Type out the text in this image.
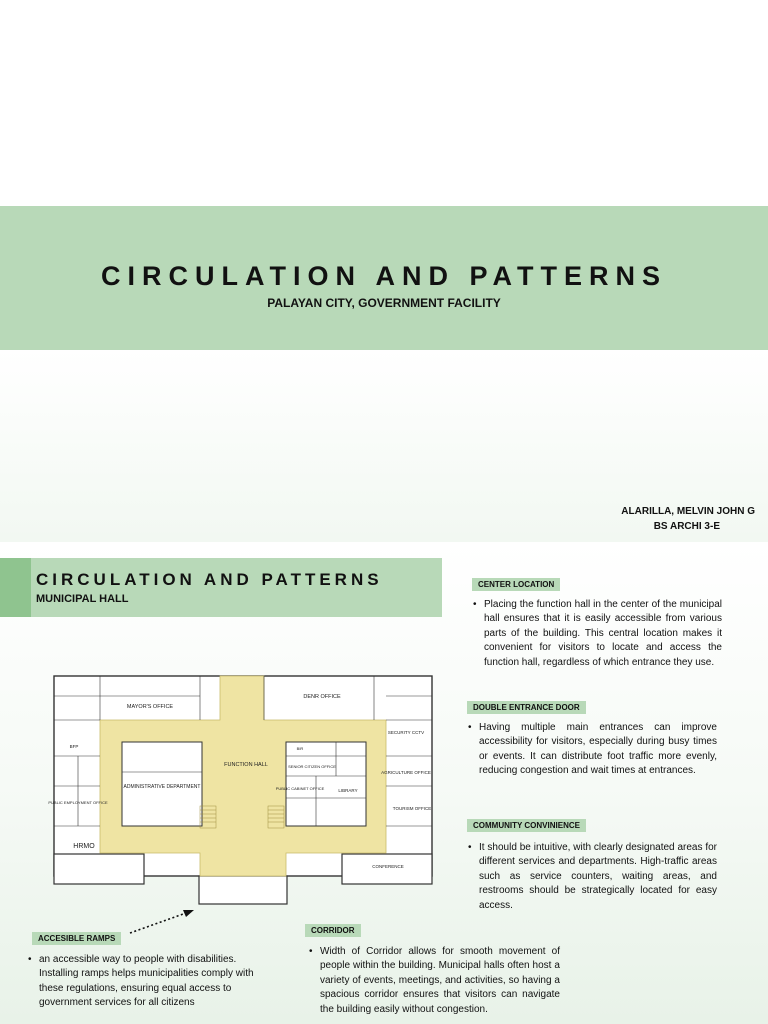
CIRCULATION AND PATTERNS
PALAYAN CITY, GOVERNMENT FACILITY
ALARILLA, MELVIN JOHN G
BS ARCHI 3-E
CIRCULATION AND PATTERNS
MUNICIPAL HALL
CENTER LOCATION
• Placing the function hall in the center of the municipal hall ensures that it is easily accessible from various parts of the building. This central location makes it convenient for visitors to locate and access the function hall, regardless of which entrance they use.
DOUBLE ENTRANCE DOOR
• Having multiple main entrances can improve accessibility for visitors, especially during busy times or events. It can distribute foot traffic more evenly, reducing congestion and wait times at entrances.
COMMUNITY CONVINIENCE
• It should be intuitive, with clearly designated areas for different services and departments. High-traffic areas such as service counters, waiting areas, and restrooms should be strategically located for easy access.
ACCESIBLE RAMPS
• an accessible way to people with disabilities. Installing ramps helps municipalities comply with these regulations, ensuring equal access to government services for all citizens
CORRIDOR
• Width of Corridor allows for smooth movement of people within the building. Municipal halls often host a variety of events, meetings, and activities, so having a spacious corridor ensures that visitors can navigate the building easily without congestion.
MAYOR'S OFFICE
DENR OFFICE
FUNCTION HALL
ADMINISTRATIVE DEPARTMENT
SECURITY CCTV
AGRICULTURE OFFICE
TOURISM OFFICE
BFP
LIBRARY
PUBLIC CABINET OFFICE
PUBLIC EMPLOYMENT OFFICE
HRMO
CONFERENCE
SENIOR CITIZEN OFFICE
BIR
